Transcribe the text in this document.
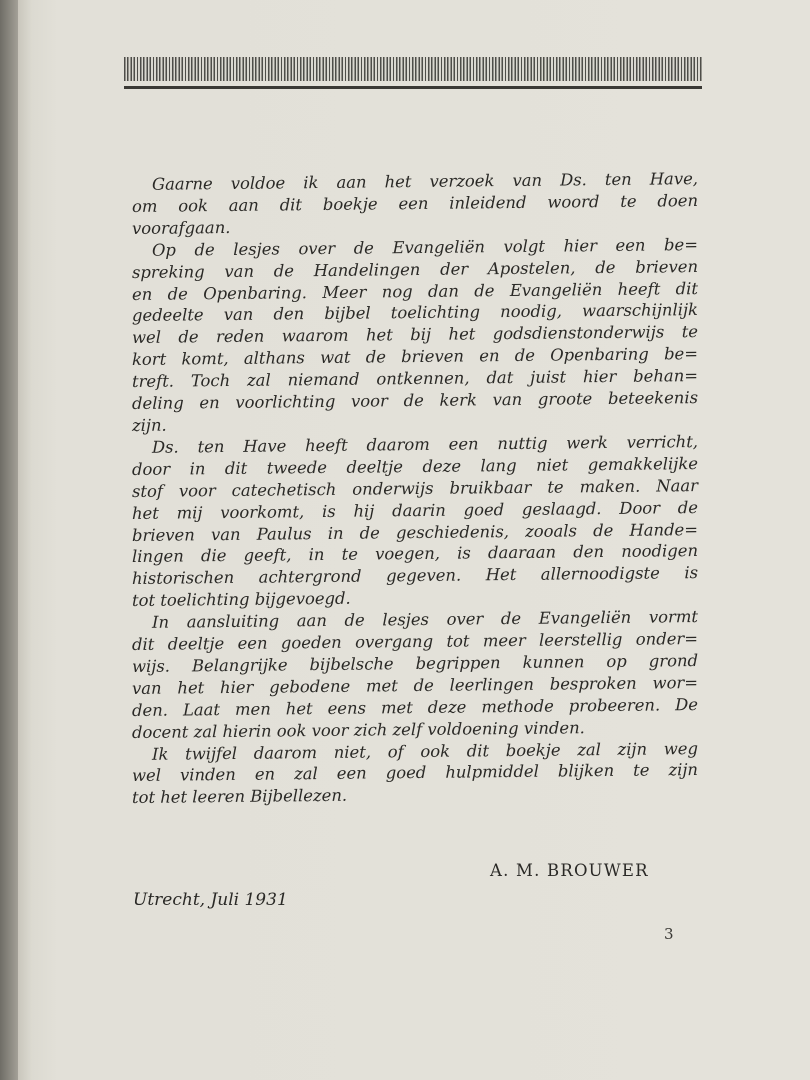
Gaarne voldoe ik aan het verzoek van Ds. ten Have,
om ook aan dit boekje een inleidend woord te doen
voorafgaan.
Op de lesjes over de Evangeliën volgt hier een be=
spreking van de Handelingen der Apostelen, de brieven
en de Openbaring. Meer nog dan de Evangeliën heeft dit
gedeelte van den bijbel toelichting noodig, waarschijnlijk
wel de reden waarom het bij het godsdienstonderwijs te
kort komt, althans wat de brieven en de Openbaring be=
treft. Toch zal niemand ontkennen, dat juist hier behan=
deling en voorlichting voor de kerk van groote beteekenis
zijn.
Ds. ten Have heeft daarom een nuttig werk verricht,
door in dit tweede deeltje deze lang niet gemakkelijke
stof voor catechetisch onderwijs bruikbaar te maken. Naar
het mij voorkomt, is hij daarin goed geslaagd. Door de
brieven van Paulus in de geschiedenis, zooals de Hande=
lingen die geeft, in te voegen, is daaraan den noodigen
historischen achtergrond gegeven. Het allernoodigste is
tot toelichting bijgevoegd.
In aansluiting aan de lesjes over de Evangeliën vormt
dit deeltje een goeden overgang tot meer leerstellig onder=
wijs. Belangrijke bijbelsche begrippen kunnen op grond
van het hier gebodene met de leerlingen besproken wor=
den. Laat men het eens met deze methode probeeren. De
docent zal hierin ook voor zich zelf voldoening vinden.
Ik twijfel daarom niet, of ook dit boekje zal zijn weg
wel vinden en zal een goed hulpmiddel blijken te zijn
tot het leeren Bijbellezen.
A. M. BROUWER
Utrecht, Juli 1931
3
